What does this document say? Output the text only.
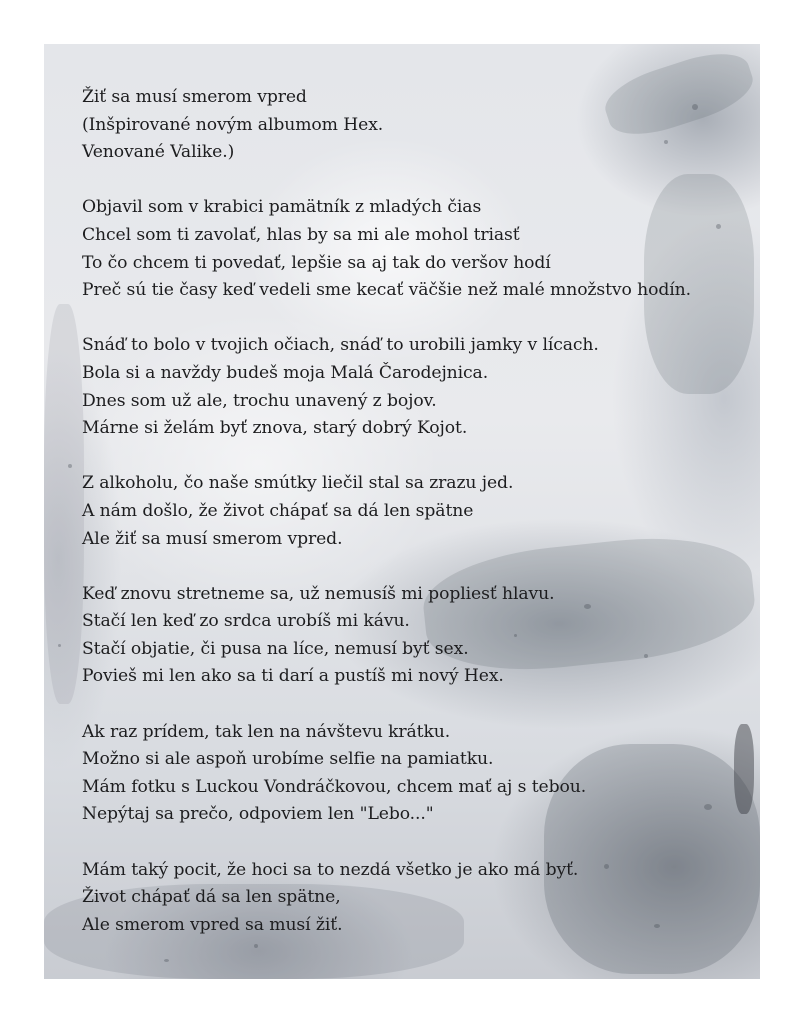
Žiť sa musí smerom vpred
(Inšpirované novým albumom Hex.
Venované Valike.)
Objavil som v krabici pamätník z mladých čias
Chcel som ti zavolať, hlas by sa mi ale mohol triasť
To čo chcem ti povedať, lepšie sa aj tak do veršov hodí
Preč sú tie časy keď vedeli sme kecať väčšie než malé množstvo hodín.
Snáď to bolo v tvojich očiach, snáď to urobili jamky v lícach.
Bola si a navždy budeš moja Malá Čarodejnica.
Dnes som už ale, trochu unavený z bojov.
Márne si želám byť znova, starý dobrý Kojot.
Z alkoholu, čo naše smútky liečil stal sa zrazu jed.
A nám došlo, že život chápať sa dá len spätne
Ale žiť sa musí smerom vpred.
Keď znovu stretneme sa, už nemusíš mi popliesť hlavu.
Stačí len keď zo srdca urobíš mi kávu.
Stačí objatie, či pusa na líce, nemusí byť sex.
Povieš mi len ako sa ti darí a pustíš mi nový Hex.
Ak raz prídem, tak len na návštevu krátku.
Možno si ale aspoň urobíme selfie na pamiatku.
Mám fotku s Luckou Vondráčkovou, chcem mať aj s tebou.
Nepýtaj sa prečo, odpoviem len "Lebo..."
Mám taký pocit, že hoci sa to nezdá všetko je ako má byť.
Život chápať dá sa len spätne,
Ale smerom vpred sa musí žiť.
